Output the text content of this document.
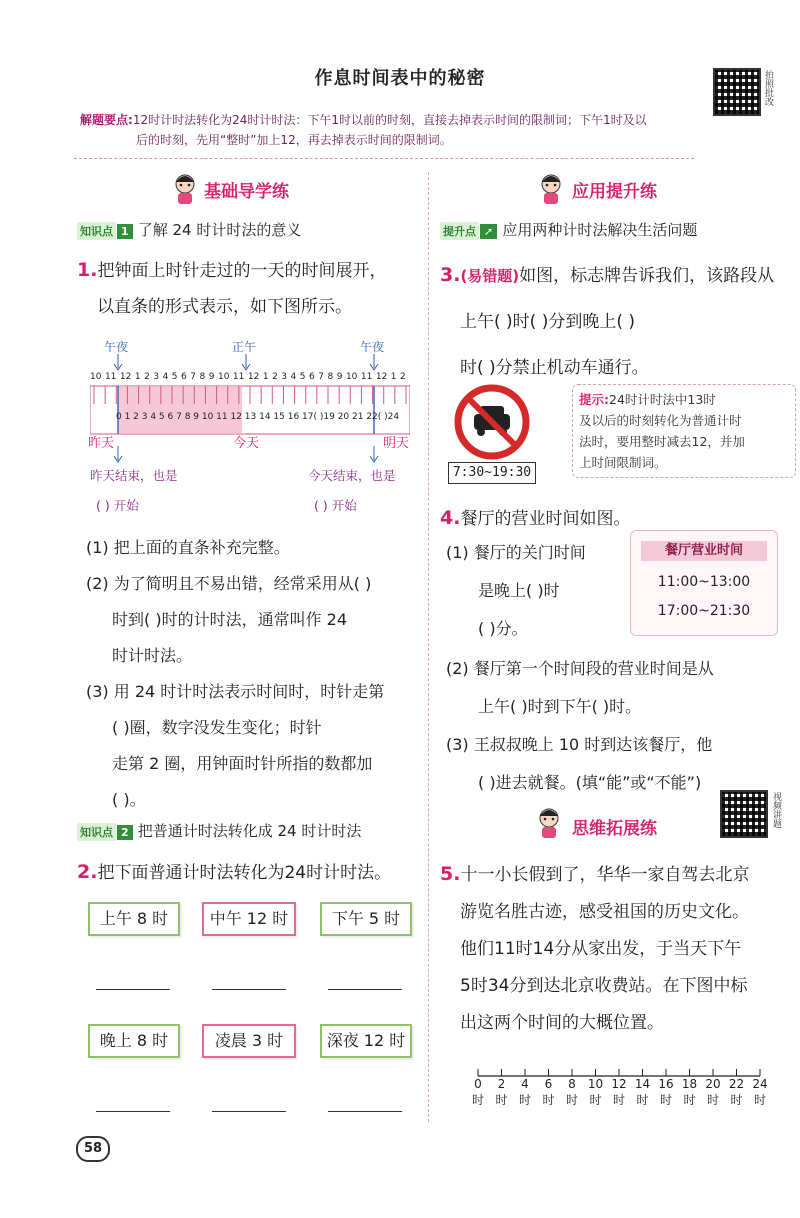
作息时间表中的秘密	拍照批改
解题要点:12时计时法转化为24时计时法：下午1时以前的时刻，直接去掉表示时间的限制词；下午1时及以
后的时刻，先用“整时”加上12，再去掉表示时间的限制词。
基础导学练
知识点 1 了解 24 时计时法的意义
1.把钟面上时针走过的一天的时间展开，
以直条的形式表示，如下图所示。
午夜	正午	午夜
10 11 12 1 2 3 4 5 6 7 8 9 10 11 12 1 2 3 4 5 6 7 8 9 10 11 12 1 2
0 1 2 3 4 5 6 7 8 9 10 11 12 13 14 15 16 17( )19 20 21 22( )24
昨天	今天	明天
昨天结束，也是
( ) 开始
今天结束，也是
( ) 开始
(1) 把上面的直条补充完整。
(2) 为了简明且不易出错，经常采用从( )
时到( )时的计时法，通常叫作 24
时计时法。
(3) 用 24 时计时法表示时间时，时针走第
( )圈，数字没发生变化；时针
走第 2 圈，用钟面时针所指的数都加
( )。
知识点 2 把普通计时法转化成 24 时计时法
2.把下面普通计时法转化为24时计时法。
上午 8 时	中午 12 时	下午 5 时
晚上 8 时	凌晨 3 时	深夜 12 时
应用提升练
提升点 ➚ 应用两种计时法解决生活问题
3.(易错题)如图，标志牌告诉我们，该路段从
上午( )时( )分到晚上( )
时( )分禁止机动车通行。
7:30~19:30
提示:24时计时法中13时
及以后的时刻转化为普通计时
法时，要用整时减去12，并加
上时间限制词。
4.餐厅的营业时间如图。
(1) 餐厅的关门时间
是晚上( )时
( )分。
餐厅营业时间
11:00~13:00
17:00~21:30
(2) 餐厅第一个时间段的营业时间是从
上午( )时到下午( )时。
(3) 王叔叔晚上 10 时到达该餐厅，他
( )进去就餐。(填“能”或“不能”)
视频讲题
思维拓展练
5.十一小长假到了，华华一家自驾去北京
游览名胜古迹，感受祖国的历史文化。
他们11时14分从家出发，于当天下午
5时34分到达北京收费站。在下图中标
出这两个时间的大概位置。
0
时
2
时
4
时
6
时
8
时
10
时
12
时
14
时
16
时
18
时
20
时
22
时
24
时
58
